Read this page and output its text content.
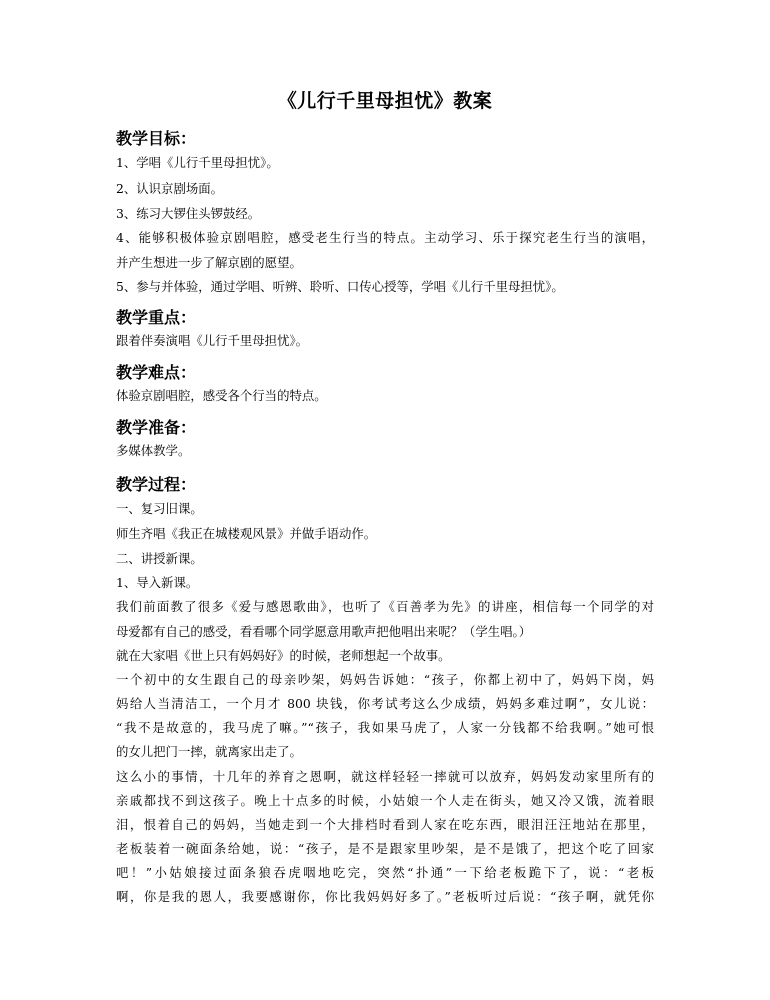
《儿行千里母担忧》教案
教学目标：
1、学唱《儿行千里母担忧》。
2、认识京剧场面。
3、练习大锣住头锣鼓经。
4、能够积极体验京剧唱腔，感受老生行当的特点。主动学习、乐于探究老生行当的演唱，
并产生想进一步了解京剧的愿望。
5、参与并体验，通过学唱、听辨、聆听、口传心授等，学唱《儿行千里母担忧》。
教学重点：
跟着伴奏演唱《儿行千里母担忧》。
教学难点：
体验京剧唱腔，感受各个行当的特点。
教学准备：
多媒体教学。
教学过程：
一、复习旧课。
师生齐唱《我正在城楼观风景》并做手语动作。
二、讲授新课。
1、导入新课。
我们前面教了很多《爱与感恩歌曲》，也听了《百善孝为先》的讲座，相信每一个同学的对
母爱都有自己的感受，看看哪个同学愿意用歌声把他唱出来呢？（学生唱。）
就在大家唱《世上只有妈妈好》的时候，老师想起一个故事。
一个初中的女生跟自己的母亲吵架，妈妈告诉她：“孩子，你都上初中了，妈妈下岗，妈
妈给人当清洁工，一个月才 800 块钱，你考试考这么少成绩，妈妈多难过啊”，女儿说：
“我不是故意的，我马虎了嘛。”“孩子，我如果马虎了，人家一分钱都不给我啊。”她可恨
的女儿把门一摔，就离家出走了。
这么小的事情，十几年的养育之恩啊，就这样轻轻一摔就可以放弃，妈妈发动家里所有的
亲戚都找不到这孩子。晚上十点多的时候，小姑娘一个人走在街头，她又冷又饿，流着眼
泪，恨着自己的妈妈，当她走到一个大排档时看到人家在吃东西，眼泪汪汪地站在那里，
老板装着一碗面条给她，说：“孩子，是不是跟家里吵架，是不是饿了，把这个吃了回家
吧！”小姑娘接过面条狼吞虎咽地吃完，突然“扑通”一下给老板跪下了，说：“老板
啊，你是我的恩人，我要感谢你，你比我妈妈好多了。”老板听过后说：“孩子啊，就凭你
